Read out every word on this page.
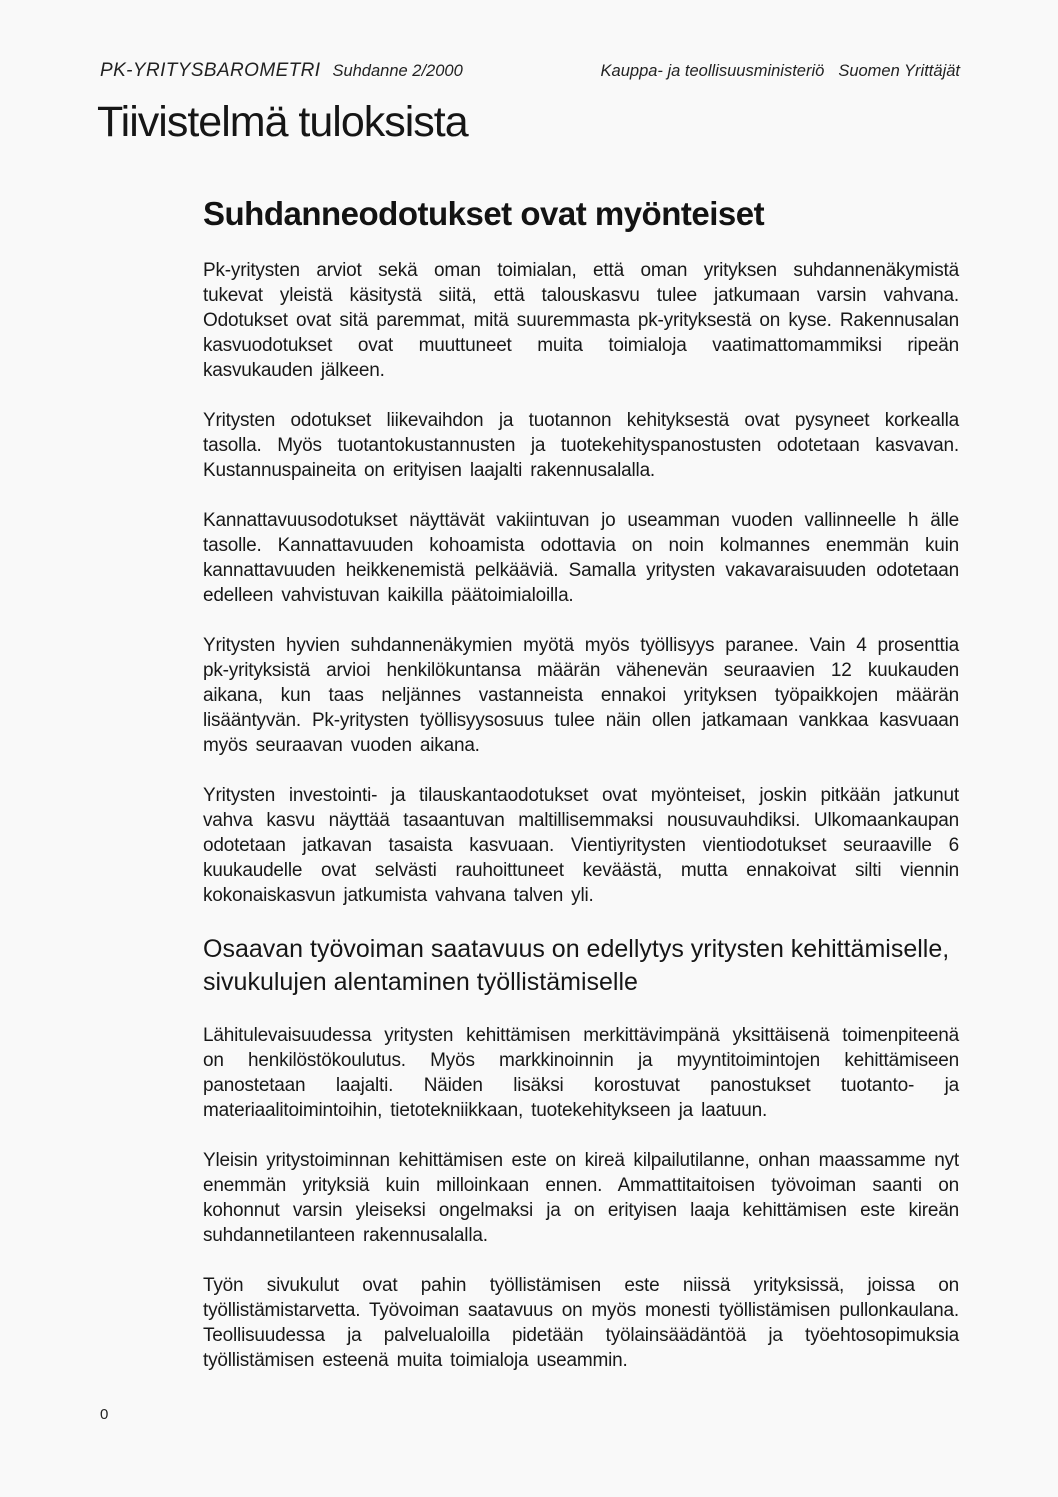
PK-YRITYSBAROMETRI Suhdanne 2/2000	Kauppa- ja teollisuusministeriö Suomen Yrittäjät
Tiivistelmä tuloksista
Suhdanneodotukset ovat myönteiset

Pk-yritysten arviot sekä oman toimialan, että oman yrityksen suhdannenäkymistä tukevat yleistä käsitystä siitä, että talouskasvu tulee jatkumaan varsin vahvana. Odotukset ovat sitä paremmat, mitä suuremmasta pk-yrityksestä on kyse. Rakennusalan kasvuodotukset ovat muuttuneet muita toimialoja vaatimattomammiksi ripeän kasvukauden jälkeen.

Yritysten odotukset liikevaihdon ja tuotannon kehityksestä ovat pysyneet korkealla tasolla. Myös tuotantokustannusten ja tuotekehityspanostusten odotetaan kasvavan. Kustannuspaineita on erityisen laajalti rakennusalalla.

Kannattavuusodotukset näyttävät vakiintuvan jo useamman vuoden vallinneelle h älle tasolle. Kannattavuuden kohoamista odottavia on noin kolmannes enemmän kuin kannattavuuden heikkenemistä pelkääviä. Samalla yritysten vakavaraisuuden odotetaan edelleen vahvistuvan kaikilla päätoimialoilla.

Yritysten hyvien suhdannenäkymien myötä myös työllisyys paranee. Vain 4 prosenttia pk-yrityksistä arvioi henkilökuntansa määrän vähenevän seuraavien 12 kuukauden aikana, kun taas neljännes vastanneista ennakoi yrityksen työpaikkojen määrän lisääntyvän. Pk-yritysten työllisyysosuus tulee näin ollen jatkamaan vankkaa kasvuaan myös seuraavan vuoden aikana.

Yritysten investointi- ja tilauskantaodotukset ovat myönteiset, joskin pitkään jatkunut vahva kasvu näyttää tasaantuvan maltillisemmaksi nousuvauhdiksi. Ulkomaankaupan odotetaan jatkavan tasaista kasvuaan. Vientiyritysten vientiodotukset seuraaville 6 kuukaudelle ovat selvästi rauhoittuneet keväästä, mutta ennakoivat silti viennin kokonaiskasvun jatkumista vahvana talven yli.

Osaavan työvoiman saatavuus on edellytys yritysten kehittämiselle, sivukulujen alentaminen työllistämiselle

Lähitulevaisuudessa yritysten kehittämisen merkittävimpänä yksittäisenä toimenpiteenä on henkilöstökoulutus. Myös markkinoinnin ja myyntitoimintojen kehittämiseen panostetaan laajalti. Näiden lisäksi korostuvat panostukset tuotanto- ja materiaalitoimintoihin, tietotekniikkaan, tuotekehitykseen ja laatuun.

Yleisin yritystoiminnan kehittämisen este on kireä kilpailutilanne, onhan maassamme nyt enemmän yrityksiä kuin milloinkaan ennen. Ammattitaitoisen työvoiman saanti on kohonnut varsin yleiseksi ongelmaksi ja on erityisen laaja kehittämisen este kireän suhdannetilanteen rakennusalalla.

Työn sivukulut ovat pahin työllistämisen este niissä yrityksissä, joissa on työllistämistarvetta. Työvoiman saatavuus on myös monesti työllistämisen pullonkaulana. Teollisuudessa ja palvelualoilla pidetään työlainsäädäntöä ja työehtosopimuksia työllistämisen esteenä muita toimialoja useammin.

0
